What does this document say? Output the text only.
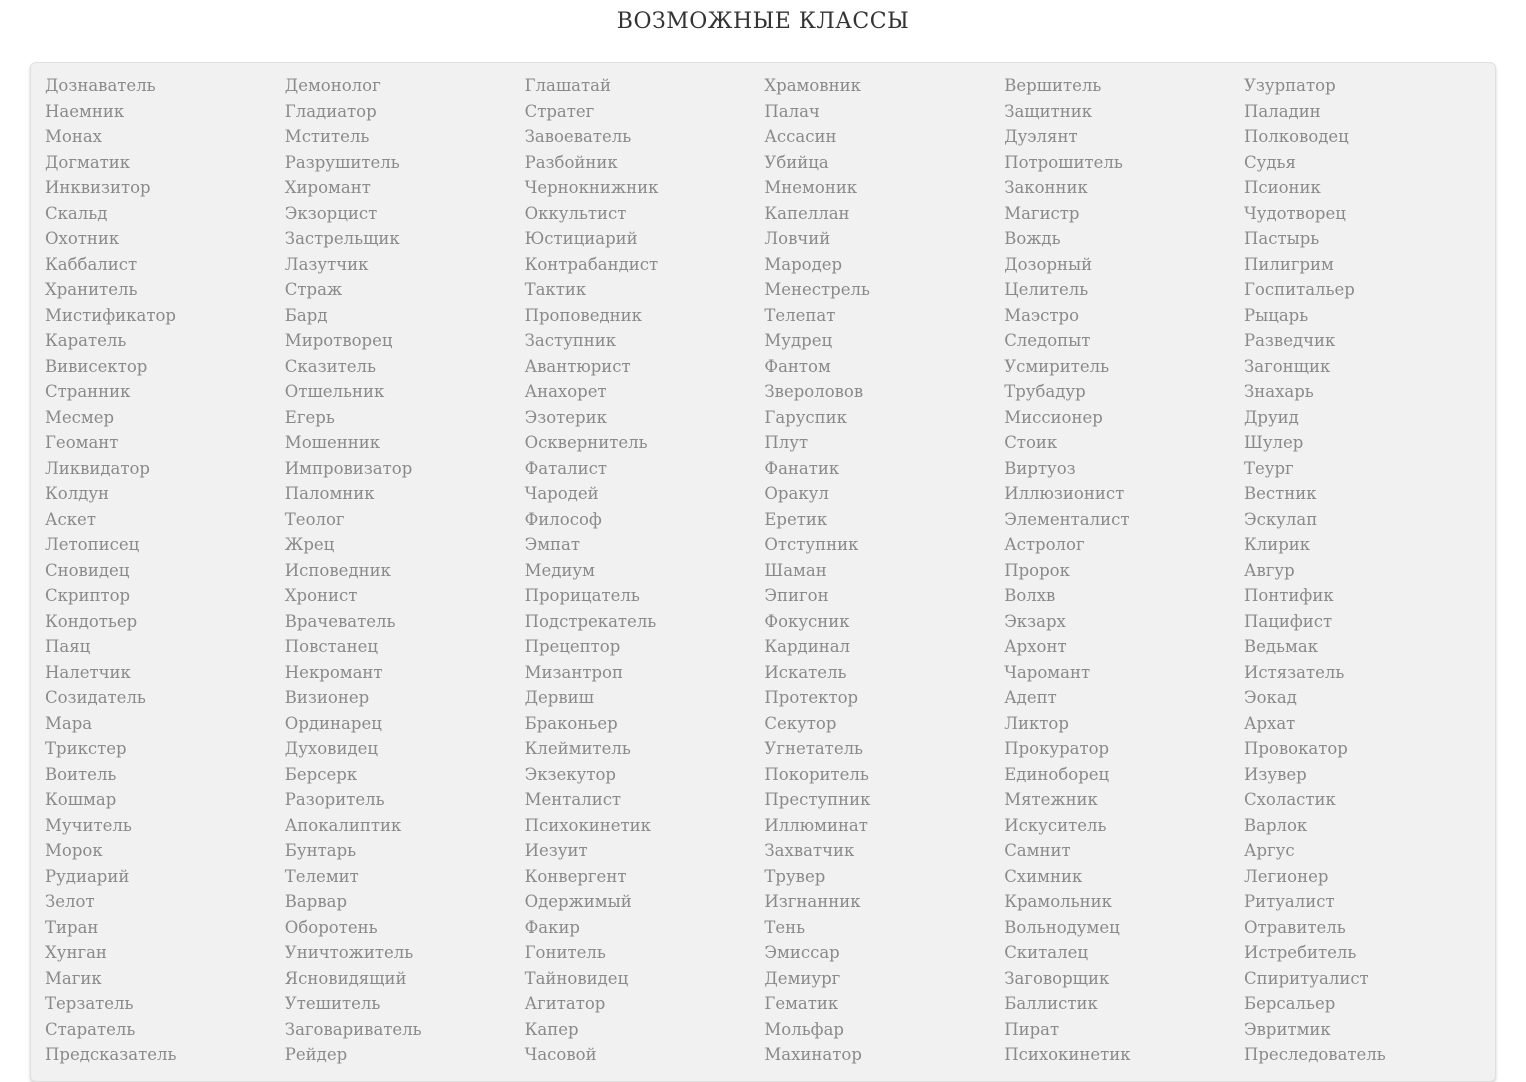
ВОЗМОЖНЫЕ КЛАССЫ
Дознаватель	Демонолог	Глашатай	Храмовник	Вершитель	Узурпатор
Наемник	Гладиатор	Стратег	Палач	Защитник	Паладин
Монах	Мститель	Завоеватель	Ассасин	Дуэлянт	Полководец
Догматик	Разрушитель	Разбойник	Убийца	Потрошитель	Судья
Инквизитор	Хиромант	Чернокнижник	Мнемоник	Законник	Псионик
Скальд	Экзорцист	Оккультист	Капеллан	Магистр	Чудотворец
Охотник	Застрельщик	Юстициарий	Ловчий	Вождь	Пастырь
Каббалист	Лазутчик	Контрабандист	Мародер	Дозорный	Пилигрим
Хранитель	Страж	Тактик	Менестрель	Целитель	Госпитальер
Мистификатор	Бард	Проповедник	Телепат	Маэстро	Рыцарь
Каратель	Миротворец	Заступник	Мудрец	Следопыт	Разведчик
Вивисектор	Сказитель	Авантюрист	Фантом	Усмиритель	Загонщик
Странник	Отшельник	Анахорет	Звероловов	Трубадур	Знахарь
Месмер	Егерь	Эзотерик	Гаруспик	Миссионер	Друид
Геомант	Мошенник	Осквернитель	Плут	Стоик	Шулер
Ликвидатор	Импровизатор	Фаталист	Фанатик	Виртуоз	Теург
Колдун	Паломник	Чародей	Оракул	Иллюзионист	Вестник
Аскет	Теолог	Философ	Еретик	Элементалист	Эскулап
Летописец	Жрец	Эмпат	Отступник	Астролог	Клирик
Сновидец	Исповедник	Медиум	Шаман	Пророк	Авгур
Скриптор	Хронист	Прорицатель	Эпигон	Волхв	Понтифик
Кондотьер	Врачеватель	Подстрекатель	Фокусник	Экзарх	Пацифист
Паяц	Повстанец	Прецептор	Кардинал	Архонт	Ведьмак
Налетчик	Некромант	Мизантроп	Искатель	Чаромант	Истязатель
Созидатель	Визионер	Дервиш	Протектор	Адепт	Эокад
Мара	Ординарец	Браконьер	Секутор	Ликтор	Архат
Трикстер	Духовидец	Клеймитель	Угнетатель	Прокуратор	Провокатор
Воитель	Берсерк	Экзекутор	Покоритель	Единоборец	Изувер
Кошмар	Разоритель	Менталист	Преступник	Мятежник	Схоластик
Мучитель	Апокалиптик	Психокинетик	Иллюминат	Искуситель	Варлок
Морок	Бунтарь	Иезуит	Захватчик	Самнит	Аргус
Рудиарий	Телемит	Конвергент	Трувер	Схимник	Легионер
Зелот	Варвар	Одержимый	Изгнанник	Крамольник	Ритуалист
Тиран	Оборотень	Факир	Тень	Вольнодумец	Отравитель
Хунган	Уничтожитель	Гонитель	Эмиссар	Скиталец	Истребитель
Магик	Ясновидящий	Тайновидец	Демиург	Заговорщик	Спиритуалист
Терзатель	Утешитель	Агитатор	Гематик	Баллистик	Берсальер
Старатель	Заговариватель	Капер	Мольфар	Пират	Эвритмик
Предсказатель	Рейдер	Часовой	Махинатор	Психокинетик	Преследователь
